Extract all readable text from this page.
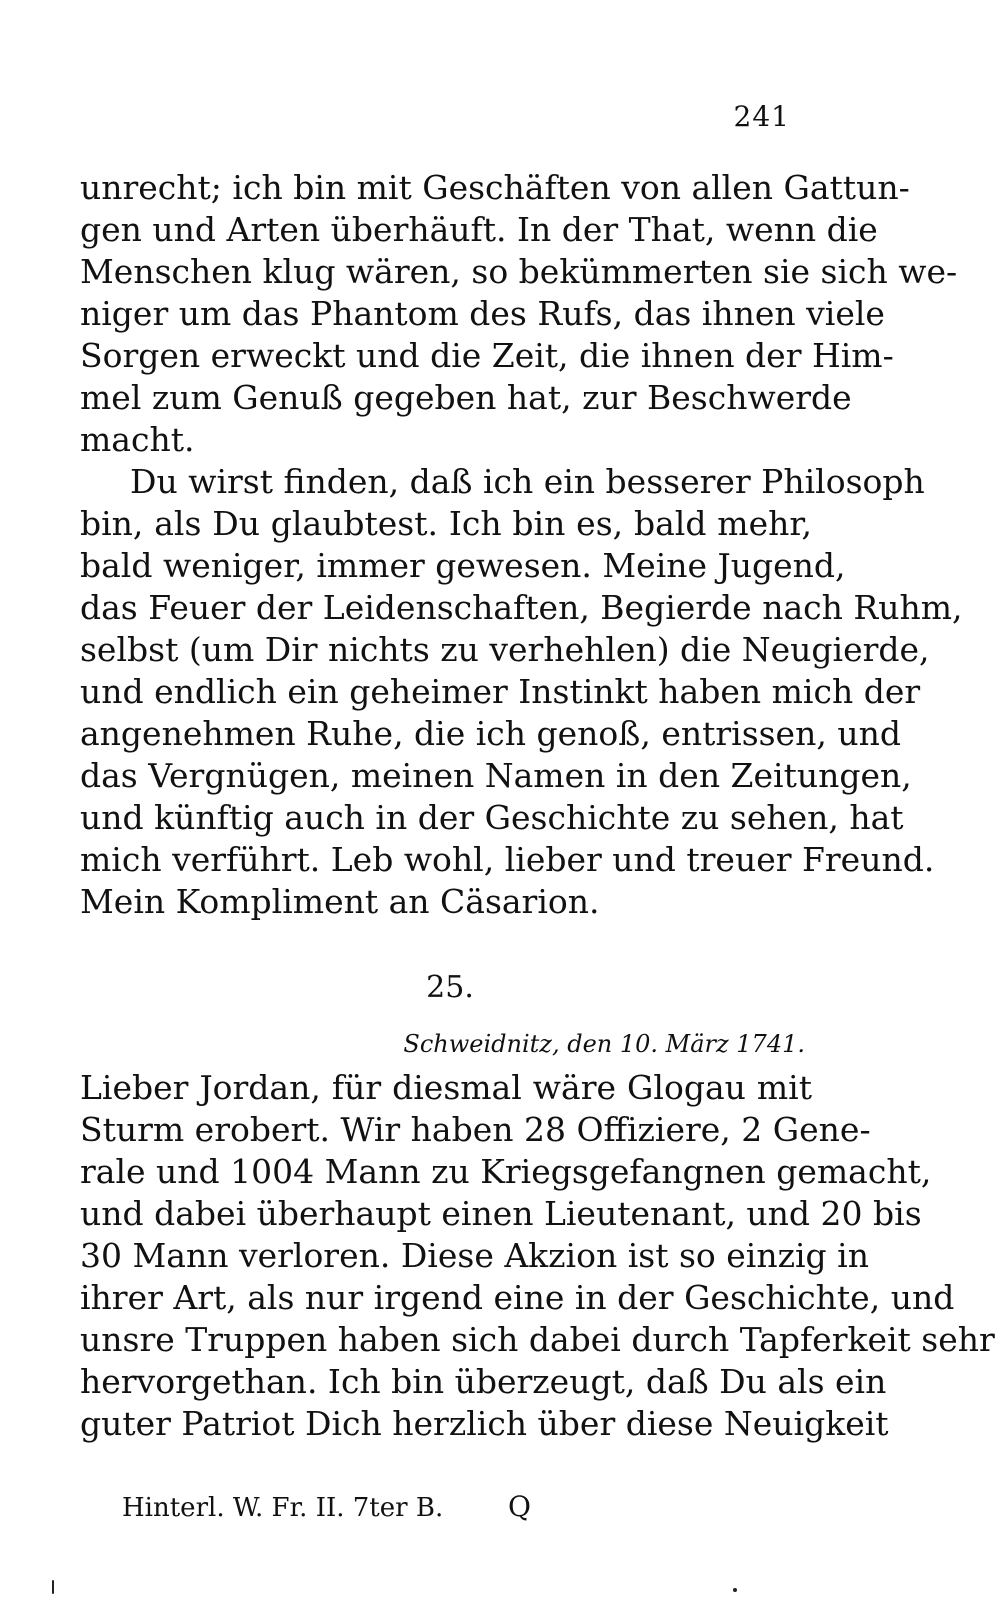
241
unrecht; ich bin mit Geschäften von allen Gattun-
gen und Arten überhäuft. In der That, wenn die
Menschen klug wären, so bekümmerten sie sich we-
niger um das Phantom des Rufs, das ihnen viele
Sorgen erweckt und die Zeit, die ihnen der Him-
mel zum Genuß gegeben hat, zur Beschwerde
macht.
Du wirst finden, daß ich ein besserer Philosoph
bin, als Du glaubtest. Ich bin es, bald mehr,
bald weniger, immer gewesen. Meine Jugend,
das Feuer der Leidenschaften, Begierde nach Ruhm,
selbst (um Dir nichts zu verhehlen) die Neugierde,
und endlich ein geheimer Instinkt haben mich der
angenehmen Ruhe, die ich genoß, entrissen, und
das Vergnügen, meinen Namen in den Zeitungen,
und künftig auch in der Geschichte zu sehen, hat
mich verführt. Leb wohl, lieber und treuer Freund.
Mein Kompliment an Cäsarion.
25.
Schweidnitz, den 10. März 1741.
Lieber Jordan, für diesmal wäre Glogau mit
Sturm erobert. Wir haben 28 Offiziere, 2 Gene-
rale und 1004 Mann zu Kriegsgefangnen gemacht,
und dabei überhaupt einen Lieutenant, und 20 bis
30 Mann verloren. Diese Akzion ist so einzig in
ihrer Art, als nur irgend eine in der Geschichte, und
unsre Truppen haben sich dabei durch Tapferkeit sehr
hervorgethan. Ich bin überzeugt, daß Du als ein
guter Patriot Dich herzlich über diese Neuigkeit
Hinterl. W. Fr. II. 7ter B. Q
